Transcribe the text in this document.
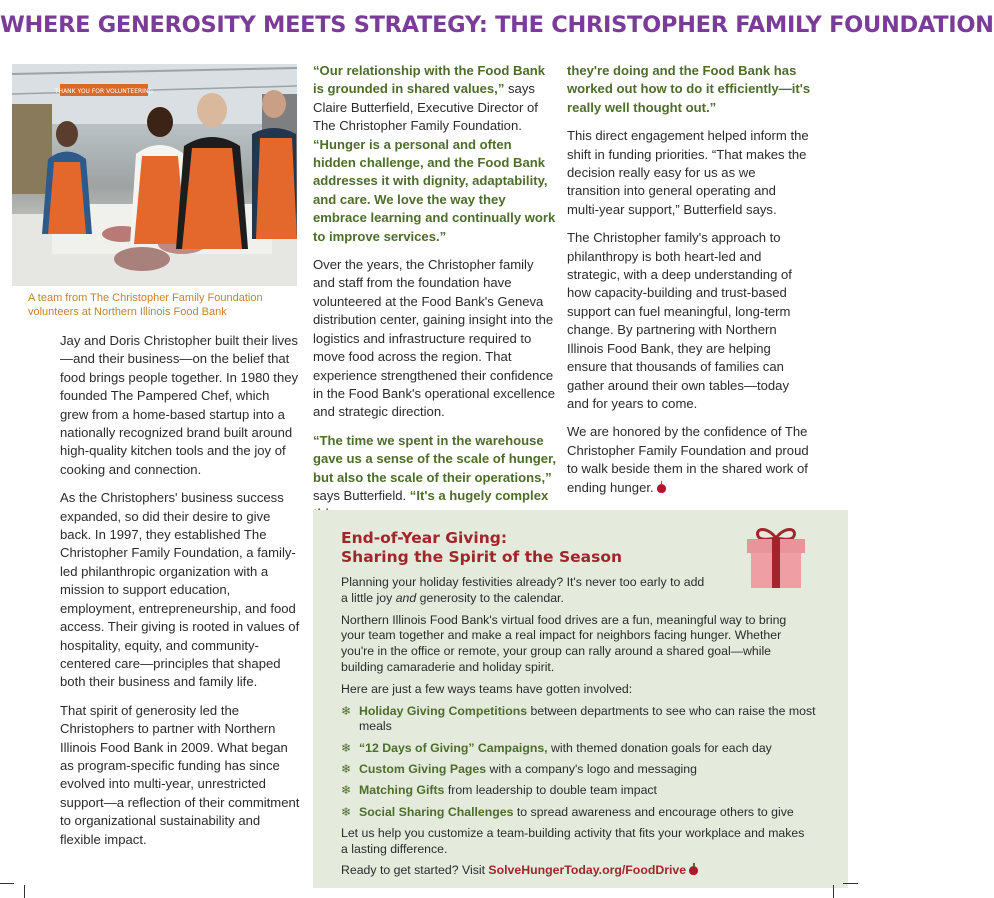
WHERE GENEROSITY MEETS STRATEGY: THE CHRISTOPHER FAMILY FOUNDATION
THANK YOU FOR VOLUNTEERING
A team from The Christopher Family Foundation volunteers at Northern Illinois Food Bank

Jay and Doris Christopher built their lives—and their business—on the belief that food brings people together. In 1980 they founded The Pampered Chef, which grew from a home-based startup into a nationally recognized brand built around high-quality kitchen tools and the joy of cooking and connection.

As the Christophers' business success expanded, so did their desire to give back. In 1997, they established The Christopher Family Foundation, a family-led philanthropic organization with a mission to support education, employment, entrepreneurship, and food access. Their giving is rooted in values of hospitality, equity, and community-centered care—principles that shaped both their business and family life.

That spirit of generosity led the Christophers to partner with Northern Illinois Food Bank in 2009. What began as program-specific funding has since evolved into multi-year, unrestricted support—a reflection of their commitment to organizational sustainability and flexible impact.

“Our relationship with the Food Bank is grounded in shared values,” says Claire Butterfield, Executive Director of The Christopher Family Foundation. “Hunger is a personal and often hidden challenge, and the Food Bank addresses it with dignity, adaptability, and care. We love the way they embrace learning and continually work to improve services.”

Over the years, the Christopher family and staff from the foundation have volunteered at the Food Bank's Geneva distribution center, gaining insight into the logistics and infrastructure required to move food across the region. That experience strengthened their confidence in the Food Bank's operational excellence and strategic direction.

“The time we spent in the warehouse gave us a sense of the scale of hunger, but also the scale of their operations,” says Butterfield. “It's a hugely complex

they're doing and the Food Bank has worked out how to do it efficiently—it's really well thought out.”

This direct engagement helped inform the shift in funding priorities. “That makes the decision really easy for us as we transition into general operating and multi-year support,” Butterfield says.

The Christopher family's approach to philanthropy is both heart-led and strategic, with a deep understanding of how capacity-building and trust-based support can fuel meaningful, long-term change. By partnering with Northern Illinois Food Bank, they are helping ensure that thousands of families can gather around their own tables—today and for years to come.

We are honored by the confidence of The Christopher Family Foundation and proud to walk beside them in the shared work of ending hunger.

End-of-Year Giving:
Sharing the Spirit of the Season

Planning your holiday festivities already? It's never too early to add a little joy and generosity to the calendar.

Northern Illinois Food Bank's virtual food drives are a fun, meaningful way to bring your team together and make a real impact for neighbors facing hunger. Whether you're in the office or remote, your group can rally around a shared goal—while building camaraderie and holiday spirit.

Here are just a few ways teams have gotten involved:

❄ Holiday Giving Competitions between departments to see who can raise the most meals
❄ “12 Days of Giving” Campaigns, with themed donation goals for each day
❄ Custom Giving Pages with a company's logo and messaging
❄ Matching Gifts from leadership to double team impact
❄ Social Sharing Challenges to spread awareness and encourage others to give

Let us help you customize a team-building activity that fits your workplace and makes a lasting difference.

Ready to get started? Visit SolveHungerToday.org/FoodDrive
